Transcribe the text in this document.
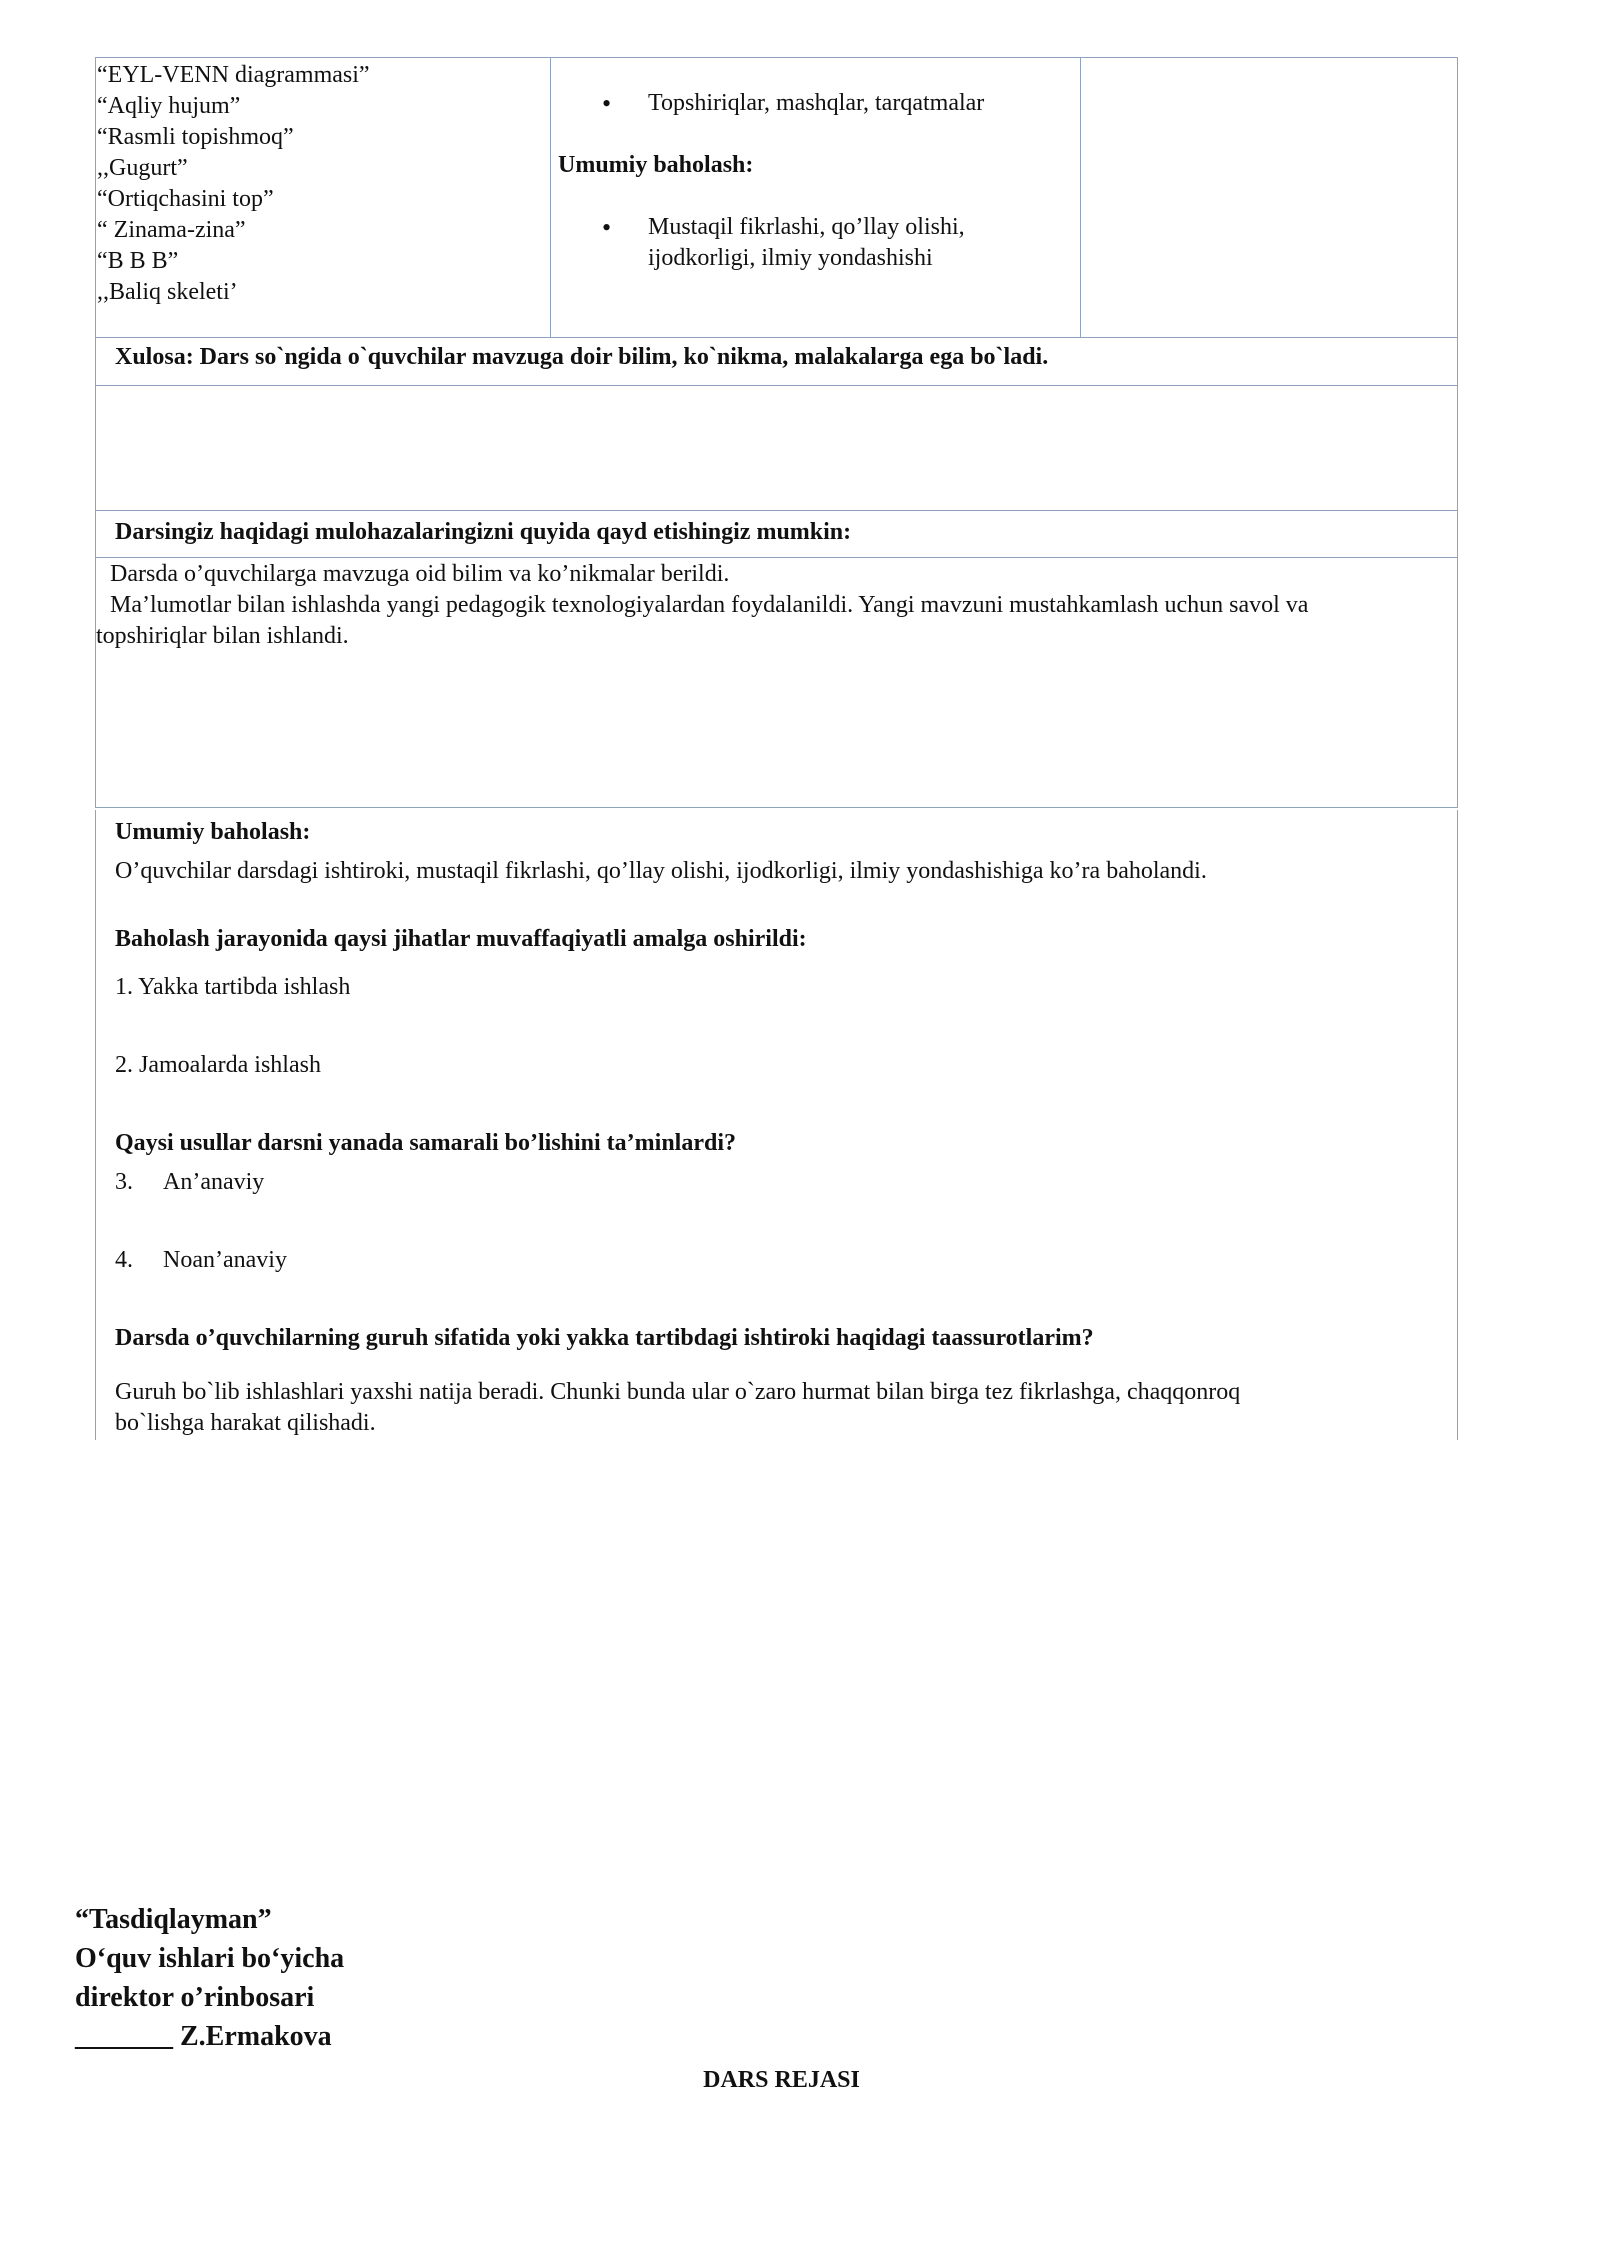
“EYL-VENN diagrammasi”
“Aqliy hujum”
“Rasmli topishmoq”
,,Gugurt”
“Ortiqchasini top”
“ Zinama-zina”
“B B B”
,,Baliq skeleti’
• Topshiriqlar, mashqlar, tarqatmalar
Umumiy baholash:
• Mustaqil fikrlashi, qo’llay olishi,
ijodkorligi, ilmiy yondashishi
Xulosa: Dars so`ngida o`quvchilar mavzuga doir bilim, ko`nikma, malakalarga ega bo`ladi.
Darsingiz haqidagi mulohazalaringizni quyida qayd etishingiz mumkin:
Darsda o’quvchilarga mavzuga oid bilim va ko’nikmalar berildi.
Ma’lumotlar bilan ishlashda yangi pedagogik texnologiyalardan foydalanildi. Yangi mavzuni mustahkamlash uchun savol va
topshiriqlar bilan ishlandi.
Umumiy baholash:
O’quvchilar darsdagi ishtiroki, mustaqil fikrlashi, qo’llay olishi, ijodkorligi, ilmiy yondashishiga ko’ra baholandi.
Baholash jarayonida qaysi jihatlar muvaffaqiyatli amalga oshirildi:
1. Yakka tartibda ishlash
2. Jamoalarda ishlash
Qaysi usullar darsni yanada samarali bo’lishini ta’minlardi?
3. An’anaviy
4. Noan’anaviy
Darsda o’quvchilarning guruh sifatida yoki yakka tartibdagi ishtiroki haqidagi taassurotlarim?
Guruh bo`lib ishlashlari yaxshi natija beradi. Chunki bunda ular o`zaro hurmat bilan birga tez fikrlashga, chaqqonroq
bo`lishga harakat qilishadi.
“Tasdiqlayman”
O‘quv ishlari bo‘yicha
direktor o’rinbosari
_______ Z.Ermakova
DARS REJASI
